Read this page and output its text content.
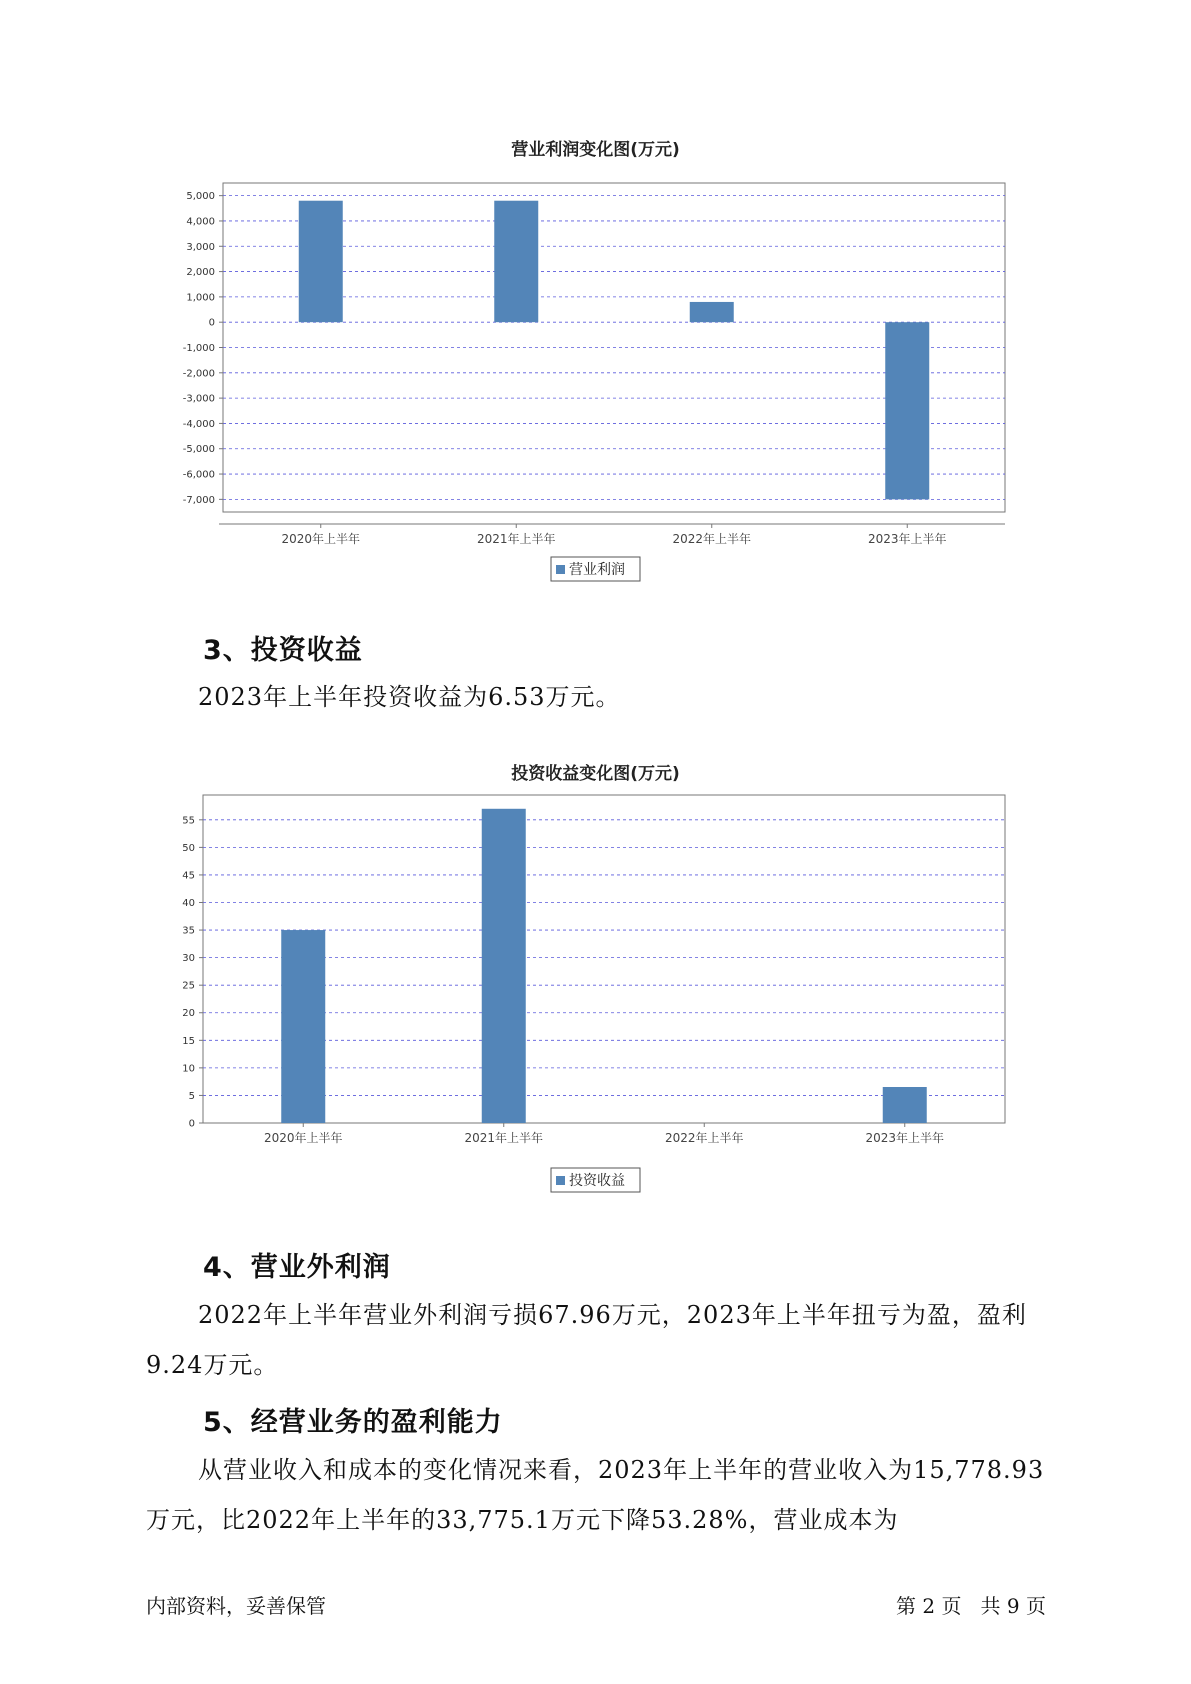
营业利润变化图(万元)
5,000
4,000
3,000
2,000
1,000
0
-1,000
-2,000
-3,000
-4,000
-5,000
-6,000
-7,000
2020年上半年	2021年上半年	2022年上半年	2023年上半年
营业利润
3、投资收益

2023年上半年投资收益为6.53万元。

投资收益变化图(万元)
55
50
45
40
35
30
25
20
15
10
5
0
2020年上半年	2021年上半年	2022年上半年	2023年上半年
投资收益
4、营业外利润

2022年上半年营业外利润亏损67.96万元，2023年上半年扭亏为盈，盈利9.24万元。

5、经营业务的盈利能力

从营业收入和成本的变化情况来看，2023年上半年的营业收入为15,778.93万元，比2022年上半年的33,775.1万元下降53.28%，营业成本为

内部资料，妥善保管	第 2 页   共 9 页
